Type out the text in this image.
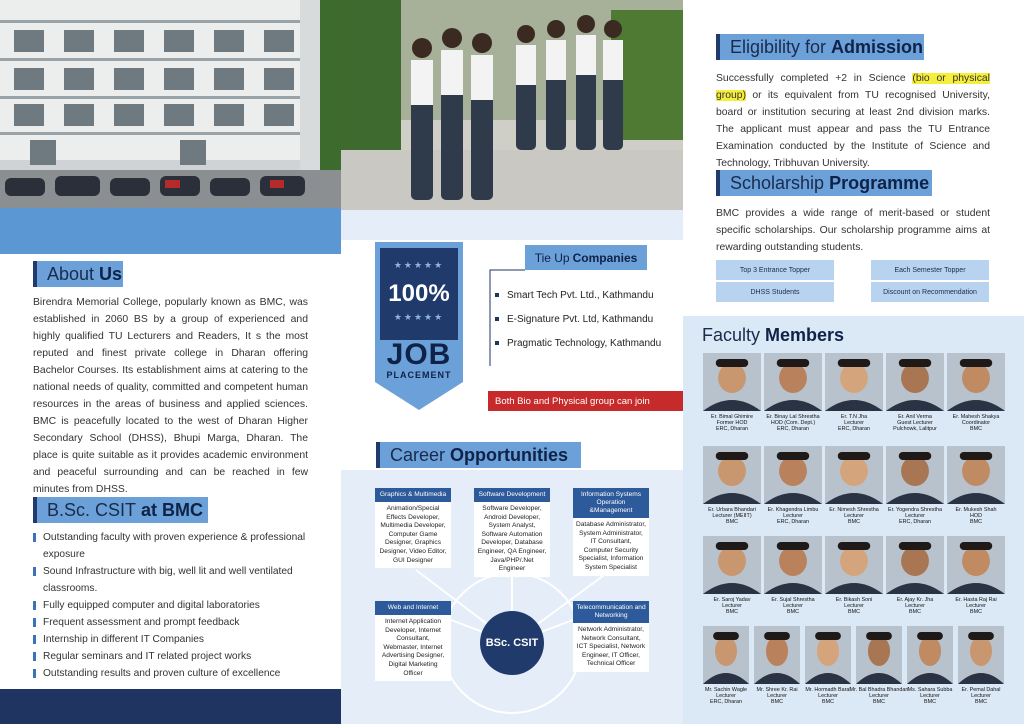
About Us

Birendra Memorial College, popularly known as BMC, was established in 2060 BS by a group of experienced and highly qualified TU Lecturers and Readers, It s the most reputed and finest private college in Dharan offering Bachelor Courses. Its establishment aims at catering to the national needs of quality, committed and competent human resources in the areas of business and applied sciences. BMC is peacefully located to the west of Dharan Higher Secondary School (DHSS), Bhupi Marga, Dharan. The place is quite suitable as it provides academic environment and peaceful surrounding and can be reached in few minutes from DHSS.

B.Sc. CSIT at BMC
Outstanding faculty with proven experience & professional exposure
Sound Infrastructure with big, well lit and well ventilated classrooms.
Fully equipped computer and digital laboratories
Frequent assessment and prompt feedback
Internship in different IT Companies
Regular seminars and IT related project works
Outstanding results and proven culture of excellence
★★★★★
100%
★★★★★
JOB
PLACEMENT
Tie Up Companies
Smart Tech Pvt. Ltd., Kathmandu
E-Signature Pvt. Ltd, Kathmandu
Pragmatic Technology, Kathmandu
Both Bio and Physical group can join
Career Opportunities
Graphics & Multimedia
Animation/Special Effects Developer, Multimedia Developer, Computer Game Designer, Graphics Designer, Video Editor, GUI Designer
Software Development
Software Developer, Android Developer, System Analyst, Software Automation Developer, Database Engineer, QA Engineer, Java/PHP/.Net Engineer
Information Systems Operation &Management
Database Administrator, System Administrator, IT Consultant, Computer Security Specialist, Information System Specialist
Web and Internet
Internet Application Developer, Internet Consultant, Webmaster, Internet Advertising Designer, Digital Marketing Officer
Telecommunication and Networking
Network Administrator, Network Consultant, ICT Specialist, Network Engineer, IT Officer, Technical Officer
BSc. CSIT
Eligibility for Admission

Successfully completed +2 in Science (bio or physical group) or its equivalent from TU recognised University, board or institution securing at least 2nd division marks. The applicant must appear and pass the TU Entrance Examination conducted by the Institute of Science and Technology, Tribhuvan University.

Scholarship Programme

BMC provides a wide range of merit-based or student specific scholarships. Our scholarship programme aims at rewarding outstanding students.

Top 3 Entrance Topper	Each Semester Topper
DHSS Students	Discount on Recommendation
Faculty Members
Er. Bimal Ghimire
Former HOD
ERC, Dharan
Er. Binay Lal Shrestha
HOD (Com. Dept.)
ERC, Dharan
Er. T.N Jha
Lecturer
ERC, Dharan
Er. Anil Verma
Guest Lecturer
Pulchowk, Lalitpur
Er. Mahesh Shakya
Coordinator
BMC
Er. Urbara Bhandari
Lecturer (MEIIT)
BMC
Er. Khagendra Limbu
Lecturer
ERC, Dharan
Er. Nimesh Shrestha
Lecturer
BMC
Er. Yogendra Shrestha
Lecturer
ERC, Dharan
Er. Mukesh Shah
HOD
BMC
Er. Saroj Yadav
Lecturer
BMC
Er. Sujal Shrestha
Lecturer
BMC
Er. Bikash Soni
Lecturer
BMC
Er. Ajay Kr. Jha
Lecturer
BMC
Er. Hasta Raj Rai
Lecturer
BMC
Mr. Sachin Wagle
Lecturer
ERC, Dharan
Mr. Shree Kr. Rai
Lecturer
BMC
Mr. Hormadh Baral
Lecturer
BMC
Mr. Bal Bhadra Bhandari
Lecturer
BMC
Ms. Sahara Subba
Lecturer
BMC
Er. Pemal Dahal
Lecturer
BMC
